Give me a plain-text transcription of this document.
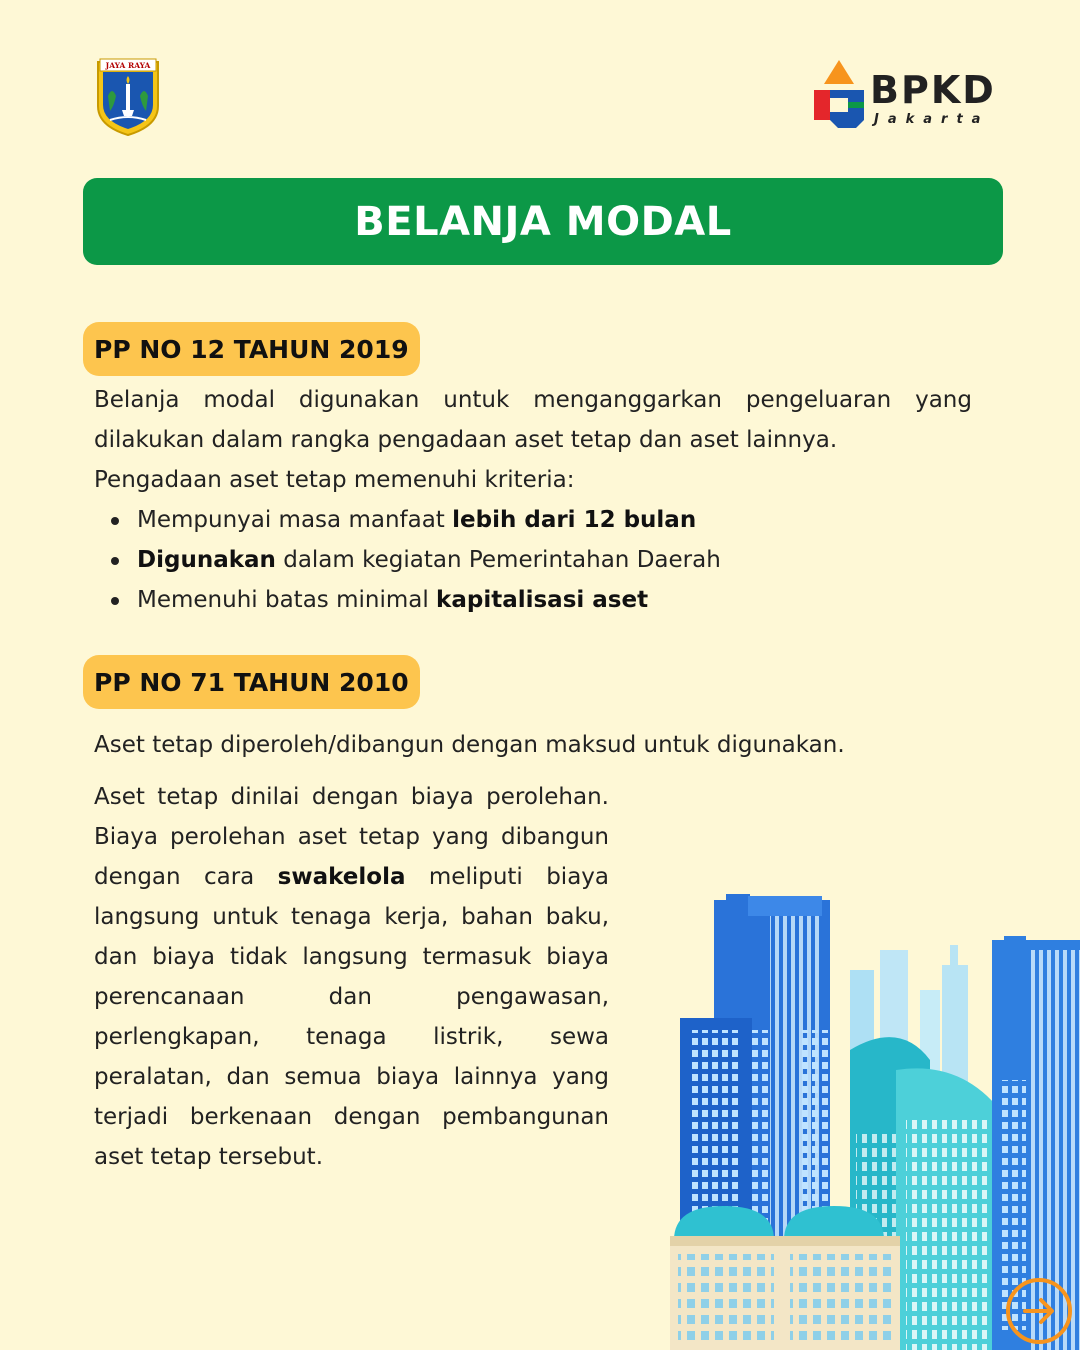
JAYA RAYA
BPKD
Jakarta
BELANJA MODAL
PP NO 12 TAHUN 2019

Belanja modal digunakan untuk menganggarkan pengeluaran yang dilakukan dalam rangka pengadaan aset tetap dan aset lainnya.

Pengadaan aset tetap memenuhi kriteria:

Mempunyai masa manfaat lebih dari 12 bulan
Digunakan dalam kegiatan Pemerintahan Daerah
Memenuhi batas minimal kapitalisasi aset
PP NO 71 TAHUN 2010

Aset tetap diperoleh/dibangun dengan maksud untuk digunakan.

Aset tetap dinilai dengan biaya perolehan. Biaya perolehan aset tetap yang dibangun dengan cara swakelola meliputi biaya langsung untuk tenaga kerja, bahan baku, dan biaya tidak langsung termasuk biaya perencanaan dan pengawasan, perlengkapan, tenaga listrik, sewa peralatan, dan semua biaya lainnya yang terjadi berkenaan dengan pembangunan aset tetap tersebut.
